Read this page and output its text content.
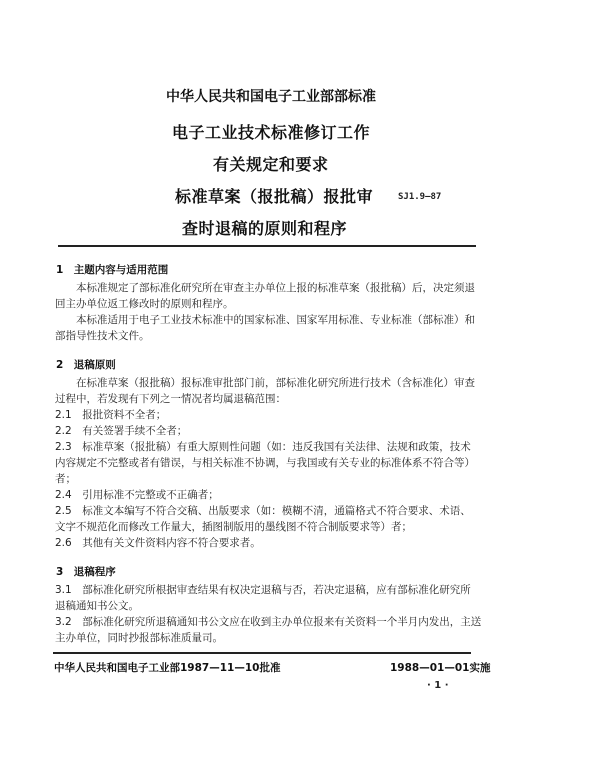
中华人民共和国电子工业部部标准
电子工业技术标准修订工作
有关规定和要求
标准草案（报批稿）报批审	SJ1.9—87
查时退稿的原则和程序
1　主题内容与适用范围
　　本标准规定了部标准化研究所在审查主办单位上报的标准草案（报批稿）后，决定须退
回主办单位返工修改时的原则和程序。
　　本标准适用于电子工业技术标准中的国家标准、国家军用标准、专业标准（部标准）和
部指导性技术文件。
2　退稿原则
　　在标准草案（报批稿）报标准审批部门前，部标准化研究所进行技术（含标准化）审查
过程中，若发现有下列之一情况者均属退稿范围：
2.1　报批资料不全者；
2.2　有关签署手续不全者；
2.3　标准草案（报批稿）有重大原则性问题（如：违反我国有关法律、法规和政策，技术
内容规定不完整或者有错误，与相关标准不协调，与我国或有关专业的标准体系不符合等）
者；
2.4　引用标准不完整或不正确者；
2.5　标准文本编写不符合交稿、出版要求（如：模糊不清，通篇格式不符合要求、术语、
文字不规范化而修改工作量大，插图制版用的墨线图不符合制版要求等）者；
2.6　其他有关文件资料内容不符合要求者。
3　退稿程序
3.1　部标准化研究所根据审查结果有权决定退稿与否，若决定退稿，应有部标准化研究所
退稿通知书公文。
3.2　部标准化研究所退稿通知书公文应在收到主办单位报来有关资料一个半月内发出，主送
主办单位，同时抄报部标准质量司。
中华人民共和国电子工业部1987—11—10批准	1988—01—01实施
· 1 ·
